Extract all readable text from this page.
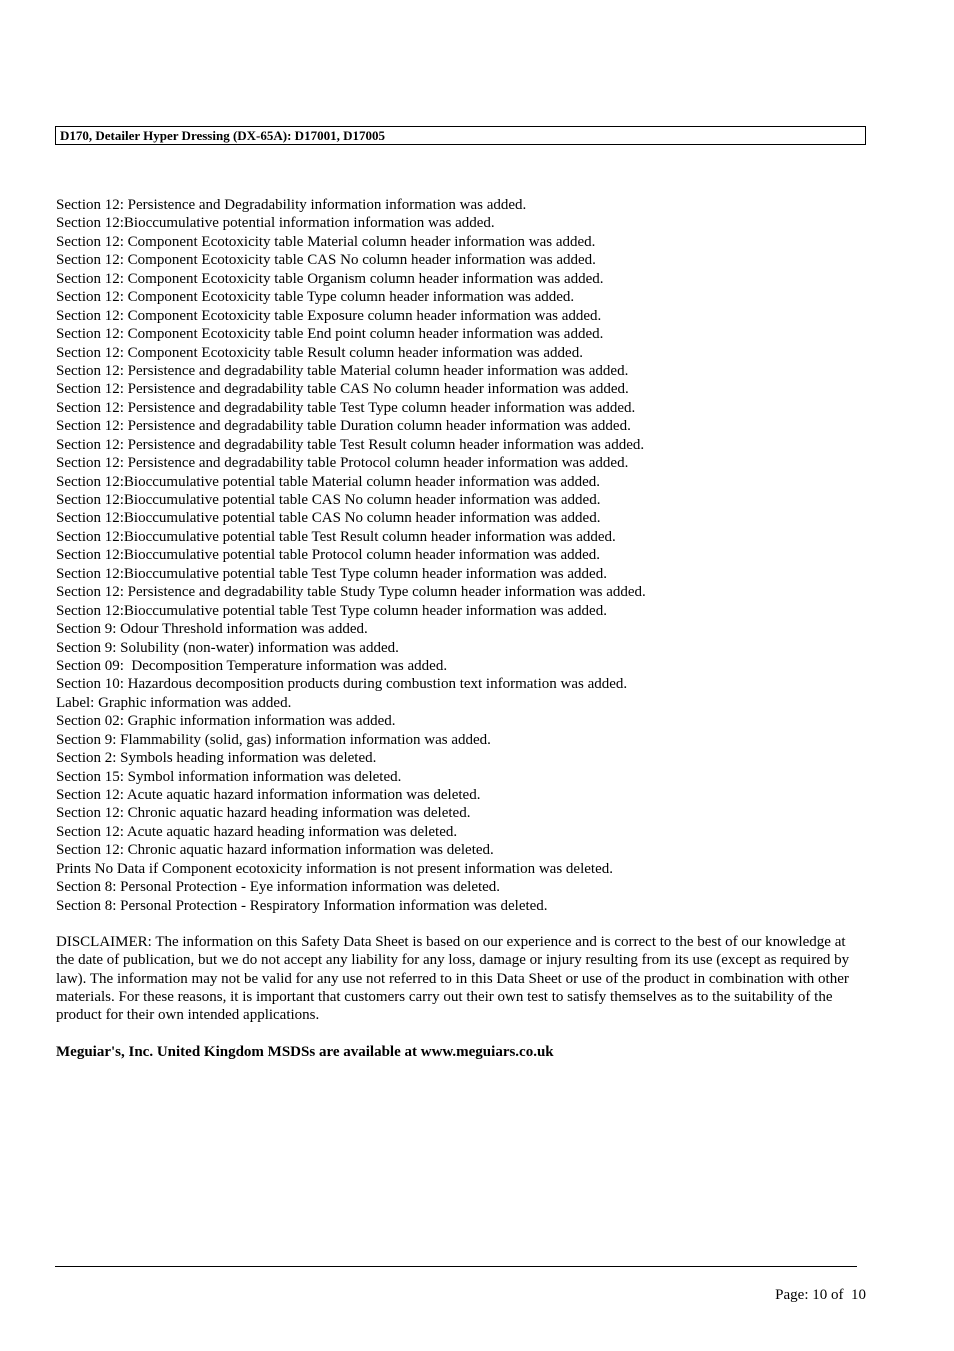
D170, Detailer Hyper Dressing (DX-65A): D17001, D17005
Section 12: Persistence and Degradability information information was added.
Section 12:Bioccumulative potential information information was added.
Section 12: Component Ecotoxicity table Material column header information was added.
Section 12: Component Ecotoxicity table CAS No column header information was added.
Section 12: Component Ecotoxicity table Organism column header information was added.
Section 12: Component Ecotoxicity table Type column header information was added.
Section 12: Component Ecotoxicity table Exposure column header information was added.
Section 12: Component Ecotoxicity table End point column header information was added.
Section 12: Component Ecotoxicity table Result column header information was added.
Section 12: Persistence and degradability table Material column header information was added.
Section 12: Persistence and degradability table CAS No column header information was added.
Section 12: Persistence and degradability table Test Type column header information was added.
Section 12: Persistence and degradability table Duration column header information was added.
Section 12: Persistence and degradability table Test Result column header information was added.
Section 12: Persistence and degradability table Protocol column header information was added.
Section 12:Bioccumulative potential table Material column header information was added.
Section 12:Bioccumulative potential table CAS No column header information was added.
Section 12:Bioccumulative potential table CAS No column header information was added.
Section 12:Bioccumulative potential table Test Result column header information was added.
Section 12:Bioccumulative potential table Protocol column header information was added.
Section 12:Bioccumulative potential table Test Type column header information was added.
Section 12: Persistence and degradability table Study Type column header information was added.
Section 12:Bioccumulative potential table Test Type column header information was added.
Section 9: Odour Threshold information was added.
Section 9: Solubility (non-water) information was added.
Section 09:  Decomposition Temperature information was added.
Section 10: Hazardous decomposition products during combustion text information was added.
Label: Graphic information was added.
Section 02: Graphic information information was added.
Section 9: Flammability (solid, gas) information information was added.
Section 2: Symbols heading information was deleted.
Section 15: Symbol information information was deleted.
Section 12: Acute aquatic hazard information information was deleted.
Section 12: Chronic aquatic hazard heading information was deleted.
Section 12: Acute aquatic hazard heading information was deleted.
Section 12: Chronic aquatic hazard information information was deleted.
Prints No Data if Component ecotoxicity information is not present information was deleted.
Section 8: Personal Protection - Eye information information was deleted.
Section 8: Personal Protection - Respiratory Information information was deleted.

DISCLAIMER: The information on this Safety Data Sheet is based on our experience and is correct to the best of our knowledge at the date of publication, but we do not accept any liability for any loss, damage or injury resulting from its use (except as required by law). The information may not be valid for any use not referred to in this Data Sheet or use of the product in combination with other materials. For these reasons, it is important that customers carry out their own test to satisfy themselves as to the suitability of the product for their own intended applications.

Meguiar's, Inc. United Kingdom MSDSs are available at www.meguiars.co.uk
Page: 10 of  10
